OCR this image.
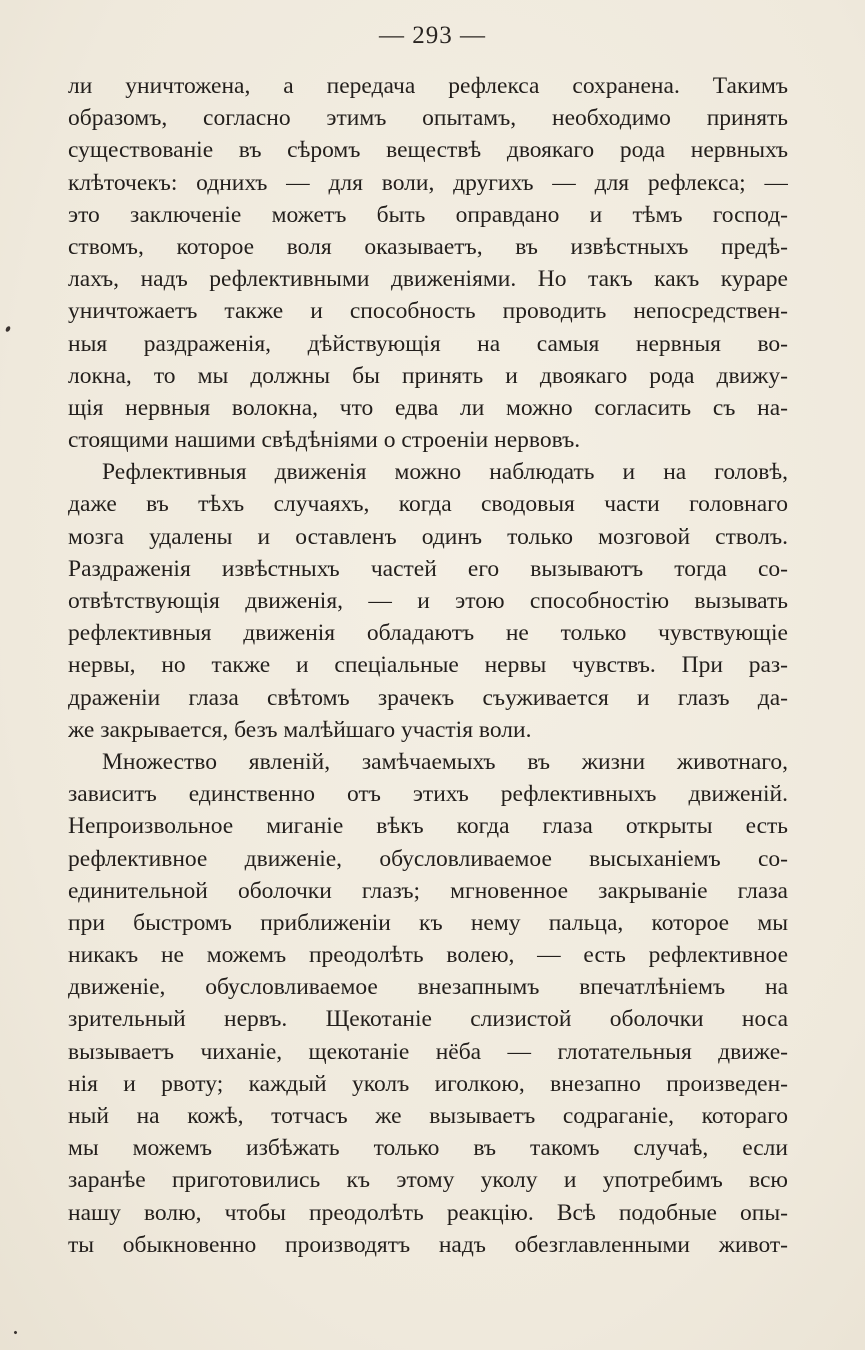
— 293 —
ли уничтожена, а передача рефлекса сохранена. Такимъ
образомъ, согласно этимъ опытамъ, необходимо принять
существованіе въ сѣромъ веществѣ двоякаго рода нервныхъ
клѣточекъ: однихъ — для воли, другихъ — для рефлекса; —
это заключеніе можетъ быть оправдано и тѣмъ господ-
ствомъ, которое воля оказываетъ, въ извѣстныхъ предѣ-
лахъ, надъ рефлективными движеніями. Но такъ какъ кураре
уничтожаетъ также и способность проводить непосредствен-
ныя раздраженія, дѣйствующія на самыя нервныя во-
локна, то мы должны бы принять и двоякаго рода движу-
щія нервныя волокна, что едва ли можно согласить съ на-
стоящими нашими свѣдѣніями о строеніи нервовъ.
Рефлективныя движенія можно наблюдать и на головѣ,
даже въ тѣхъ случаяхъ, когда сводовыя части головнаго
мозга удалены и оставленъ одинъ только мозговой стволъ.
Раздраженія извѣстныхъ частей его вызываютъ тогда со-
отвѣтствующія движенія, — и этою способностію вызывать
рефлективныя движенія обладаютъ не только чувствующіе
нервы, но также и спеціальные нервы чувствъ. При раз-
драженіи глаза свѣтомъ зрачекъ съуживается и глазъ да-
же закрывается, безъ малѣйшаго участія воли.
Множество явленій, замѣчаемыхъ въ жизни животнаго,
зависитъ единственно отъ этихъ рефлективныхъ движеній.
Непроизвольное миганіе вѣкъ когда глаза открыты есть
рефлективное движеніе, обусловливаемое высыханіемъ со-
единительной оболочки глазъ; мгновенное закрываніе глаза
при быстромъ приближеніи къ нему пальца, которое мы
никакъ не можемъ преодолѣть волею, — есть рефлективное
движеніе, обусловливаемое внезапнымъ впечатлѣніемъ на
зрительный нервъ. Щекотаніе слизистой оболочки носа
вызываетъ чиханіе, щекотаніе нёба — глотательныя движе-
нія и рвоту; каждый уколъ иголкою, внезапно произведен-
ный на кожѣ, тотчасъ же вызываетъ содраганіе, котораго
мы можемъ избѣжать только въ такомъ случаѣ, если
заранѣе приготовились къ этому уколу и употребимъ всю
нашу волю, чтобы преодолѣть реакцію. Всѣ подобные опы-
ты обыкновенно производятъ надъ обезглавленными живот-
